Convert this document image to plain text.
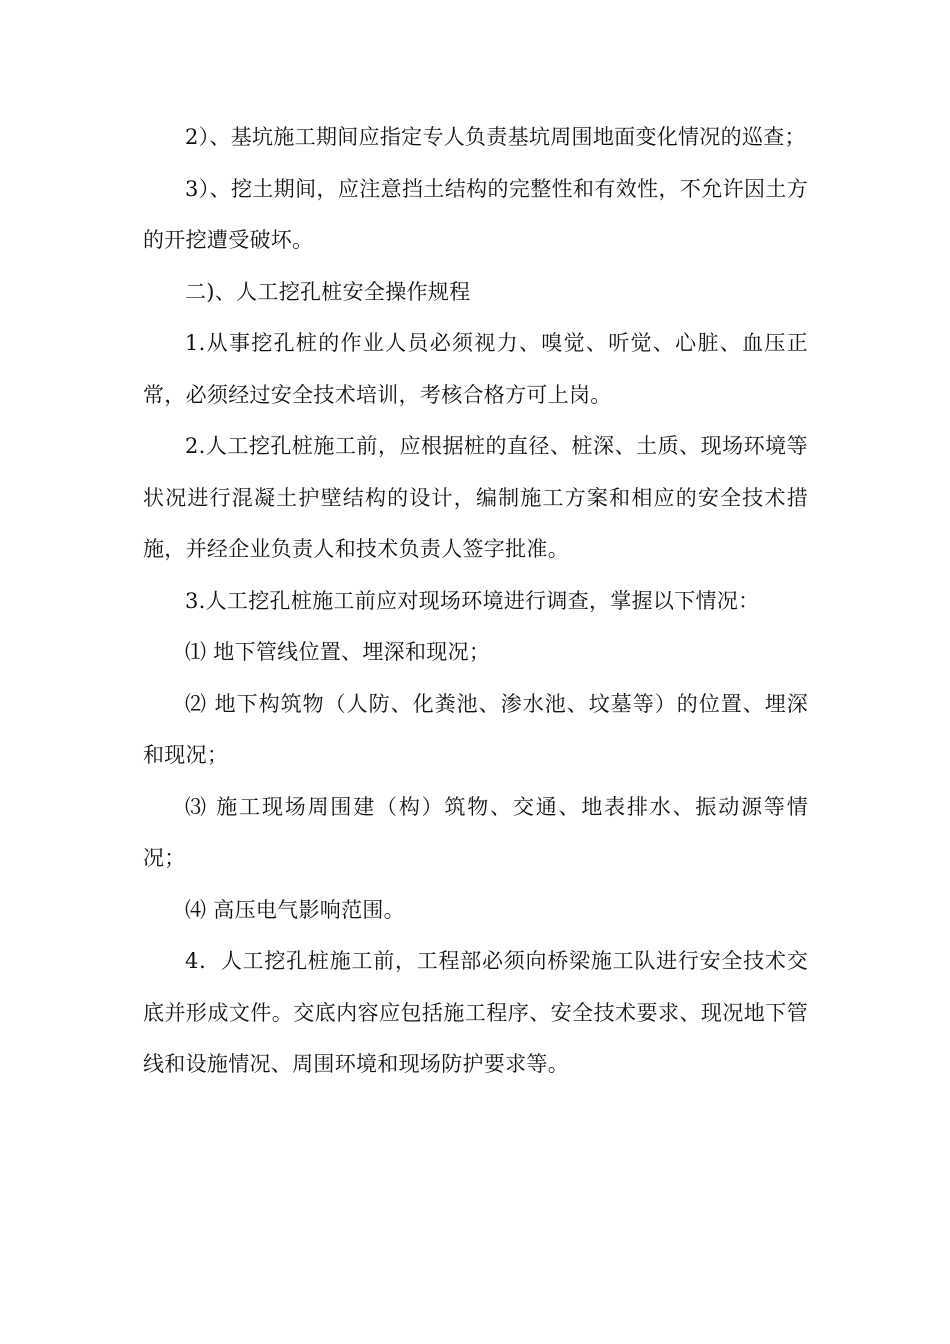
2）、基坑施工期间应指定专人负责基坑周围地面变化情况的巡查；

3）、挖土期间，应注意挡土结构的完整性和有效性，不允许因土方的开挖遭受破坏。

二)、人工挖孔桩安全操作规程

1.从事挖孔桩的作业人员必须视力、嗅觉、听觉、心脏、血压正常，必须经过安全技术培训，考核合格方可上岗。

2.人工挖孔桩施工前，应根据桩的直径、桩深、土质、现场环境等状况进行混凝土护壁结构的设计，编制施工方案和相应的安全技术措施，并经企业负责人和技术负责人签字批准。

3.人工挖孔桩施工前应对现场环境进行调查，掌握以下情况：

⑴ 地下管线位置、埋深和现况；

⑵ 地下构筑物（人防、化粪池、渗水池、坟墓等）的位置、埋深和现况；

⑶ 施工现场周围建（构）筑物、交通、地表排水、振动源等情况；

⑷ 高压电气影响范围。

4．人工挖孔桩施工前，工程部必须向桥梁施工队进行安全技术交底并形成文件。交底内容应包括施工程序、安全技术要求、现况地下管线和设施情况、周围环境和现场防护要求等。
